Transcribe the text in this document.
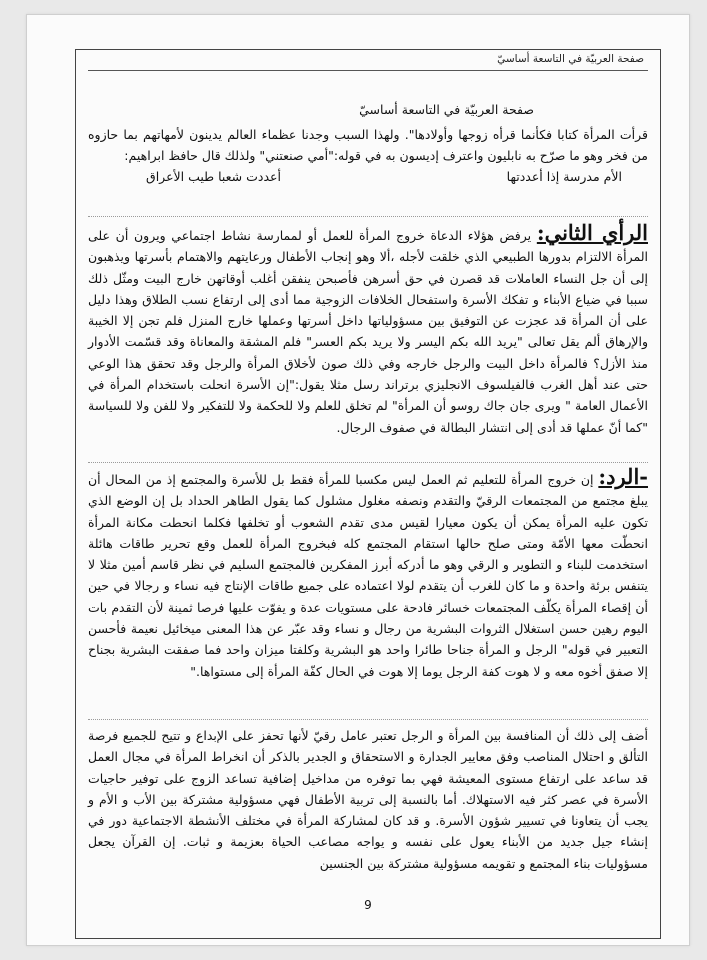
صفحة العربيّة في التاسعة أساسيّ
صفحة العربيّة في التاسعة أساسيّ

قرأت المرأة كتابا فكأنما قرأه زوجها وأولادها". ولهذا السبب وجدنا عظماء العالم يدينون لأمهاتهم بما حازوه من فخر وهو ما صرّح به نابليون واعترف إديسون به في قوله:"أمي صنعتني" ولذلك قال حافظ ابراهيم:

الأم مدرسة إذا أعددتها
أعددت شعبا طيب الأعراق

الرأي الثاني: يرفض هؤلاء الدعاة خروج المرأة للعمل أو لممارسة نشاط اجتماعي ويرون أن على المرأة الالتزام بدورها الطبيعي الذي خلقت لأجله ،ألا وهو إنجاب الأطفال ورعايتهم والاهتمام بأسرتها ويذهبون إلى أن جل النساء العاملات قد قصرن في حق أسرهن فأصبحن ينفقن أغلب أوقاتهن خارج البيت ومثّل ذلك سببا في ضياع الأبناء و تفكك الأسرة واستفحال الخلافات الزوجية مما أدى إلى ارتفاع نسب الطلاق وهذا دليل على أن المرأة قد عجزت عن التوفيق بين مسؤولياتها داخل أسرتها وعملها خارج المنزل فلم تجن إلا الخيبة والإرهاق ألم يقل تعالى "يريد الله بكم اليسر ولا يريد بكم العسر" فلم المشقة والمعاناة وقد قسّمت الأدوار منذ الأزل؟ فالمرأة داخل البيت والرجل خارجه وفي ذلك صون لأخلاق المرأة والرجل وقد تحقق هذا الوعي حتى عند أهل الغرب فالفيلسوف الانجليزي برتراند رسل مثلا يقول:"إن الأسرة انحلت باستخدام المرأة في الأعمال العامة " ويرى جان جاك روسو أن المرأة" لم تخلق للعلم ولا للحكمة ولا للتفكير ولا للفن ولا للسياسة "كما أنّ عملها قد أدى إلى انتشار البطالة في صفوف الرجال.

-الرد: إن خروج المرأة للتعليم ثم العمل ليس مكسبا للمرأة فقط بل للأسرة والمجتمع إذ من المحال أن يبلغ مجتمع من المجتمعات الرقيّ والتقدم ونصفه مغلول مشلول كما يقول الطاهر الحداد بل إن الوضع الذي تكون عليه المرأة يمكن أن يكون معيارا لقيس مدى تقدم الشعوب أو تخلفها فكلما انحطت مكانة المرأة انحطّت معها الأمّة ومتى صلح حالها استقام المجتمع كله فبخروج المرأة للعمل وقع تحرير طاقات هائلة استخدمت للبناء و التطوير و الرقي وهو ما أدركه أبرز المفكرين فالمجتمع السليم في نظر قاسم أمين مثلا لا يتنفس برئة واحدة و ما كان للغرب أن يتقدم لولا اعتماده على جميع طاقات الإنتاج فيه نساء و رجالا في حين أن إقصاء المرأة يكلّف المجتمعات خسائر فادحة على مستويات عدة و يفوّت عليها فرصا ثمينة لأن التقدم بات اليوم رهين حسن استغلال الثروات البشرية من رجال و نساء وقد عبّر عن هذا المعنى ميخائيل نعيمة فأحسن التعبير في قوله" الرجل و المرأة جناحا طائرا واحد هو البشرية وكلفتا ميزان واحد فما صفقت البشرية بجناح إلا صفق أخوه معه و لا هوت كفة الرجل يوما إلا هوت في الحال كفّة المرأة إلى مستواها."

أضف إلى ذلك أن المنافسة بين المرأة و الرجل تعتبر عامل رقيّ لأنها تحفز على الإبداع و تتيح للجميع فرصة التألق و احتلال المناصب وفق معايير الجدارة و الاستحقاق و الجدير بالذكر أن انخراط المرأة في مجال العمل قد ساعد على ارتفاع مستوى المعيشة فهي بما توفره من مداخيل إضافية تساعد الزوج على توفير حاجيات الأسرة في عصر كثر فيه الاستهلاك. أما بالنسبة إلى تربية الأطفال فهي مسؤولية مشتركة بين الأب و الأم و يجب أن يتعاونا في تسيير شؤون الأسرة. و قد كان لمشاركة المرأة في مختلف الأنشطة الاجتماعية دور في إنشاء جيل جديد من الأبناء يعول على نفسه و يواجه مصاعب الحياة بعزيمة و ثبات. إن القرآن يجعل مسؤوليات بناء المجتمع و تقويمه مسؤولية مشتركة بين الجنسين

9
